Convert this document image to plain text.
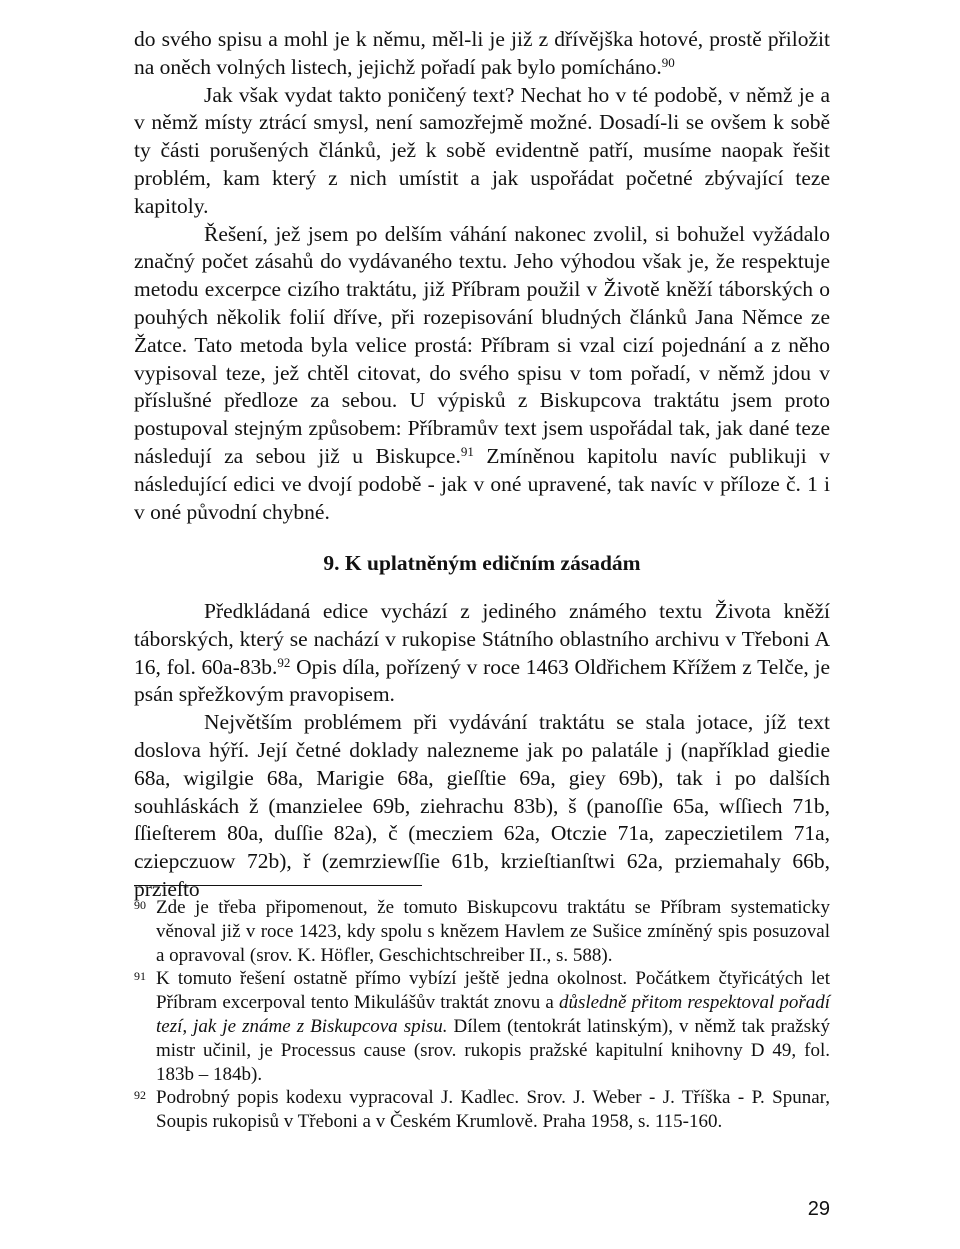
do svého spisu a mohl je k němu, měl-li je již z dřívějška hotové, prostě přiložit na oněch volných listech, jejichž pořadí pak bylo pomícháno.$^{90}$

Jak však vydat takto poničený text? Nechat ho v té podobě, v němž je a v němž místy ztrácí smysl, není samozřejmě možné. Dosadí-li se ovšem k sobě ty části porušených článků, jež k sobě evidentně patří, musíme naopak řešit problém, kam který z nich umístit a jak uspořádat početné zbývající teze kapitoly.

Řešení, jež jsem po delším váhání nakonec zvolil, si bohužel vyžádalo značný počet zásahů do vydávaného textu. Jeho výhodou však je, že respektuje metodu excerpce cizího traktátu, již Příbram použil v Životě kněží táborských o pouhých několik folií dříve, při rozepisování bludných článků Jana Němce ze Žatce. Tato metoda byla velice prostá: Příbram si vzal cizí pojednání a z něho vypisoval teze, jež chtěl citovat, do svého spisu v tom pořadí, v němž jdou v příslušné předloze za sebou. U výpisků z Biskupcova traktátu jsem proto postupoval stejným způsobem: Příbramův text jsem uspořádal tak, jak dané teze následují za sebou již u Biskupce.$^{91}$ Zmíněnou kapitolu navíc publikuji v následující edici ve dvojí podobě - jak v oné upravené, tak navíc v příloze č. 1 i v oné původní chybné.

9. K uplatněným edičním zásadám

Předkládaná edice vychází z jediného známého textu Života kněží táborských, který se nachází v rukopise Státního oblastního archivu v Třeboni A 16, fol. 60a-83b.$^{92}$ Opis díla, pořízený v roce 1463 Oldřichem Křížem z Telče, je psán spřežkovým pravopisem.

Největším problémem při vydávání traktátu se stala jotace, jíž text doslova hýří. Její četné doklady nalezneme jak po palatále j (například giedie 68a, wigilgie 68a, Marigie 68a, gieſſtie 69a, giey 69b), tak i po dalších souhláskách ž (manzielee 69b, ziehrachu 83b), š (panoſſie 65a, wſſiech 71b, ſſieſterem 80a, duſſie 82a), č (mecziem 62a, Otczie 71a, zapeczietilem 71a, cziepczuow 72b), ř (zemrziewſſie 61b, krzieſtianſtwi 62a, prziemahaly 66b, przieſto

90 Zde je třeba připomenout, že tomuto Biskupcovu traktátu se Příbram systematicky věnoval již v roce 1423, kdy spolu s knězem Havlem ze Sušice zmíněný spis posuzoval a opravoval (srov. K. Höfler, Geschichtschreiber II., s. 588).
91 K tomuto řešení ostatně přímo vybízí ještě jedna okolnost. Počátkem čtyřicátých let Příbram excerpoval tento Mikulášův traktát znovu a důsledně přitom respektoval pořadí tezí, jak je známe z Biskupcova spisu. Dílem (tentokrát latinským), v němž tak pražský mistr učinil, je Processus cause (srov. rukopis pražské kapitulní knihovny D 49, fol. 183b – 184b).
92 Podrobný popis kodexu vypracoval J. Kadlec. Srov. J. Weber - J. Tříška - P. Spunar, Soupis rukopisů v Třeboni a v Českém Krumlově. Praha 1958, s. 115-160.
29
